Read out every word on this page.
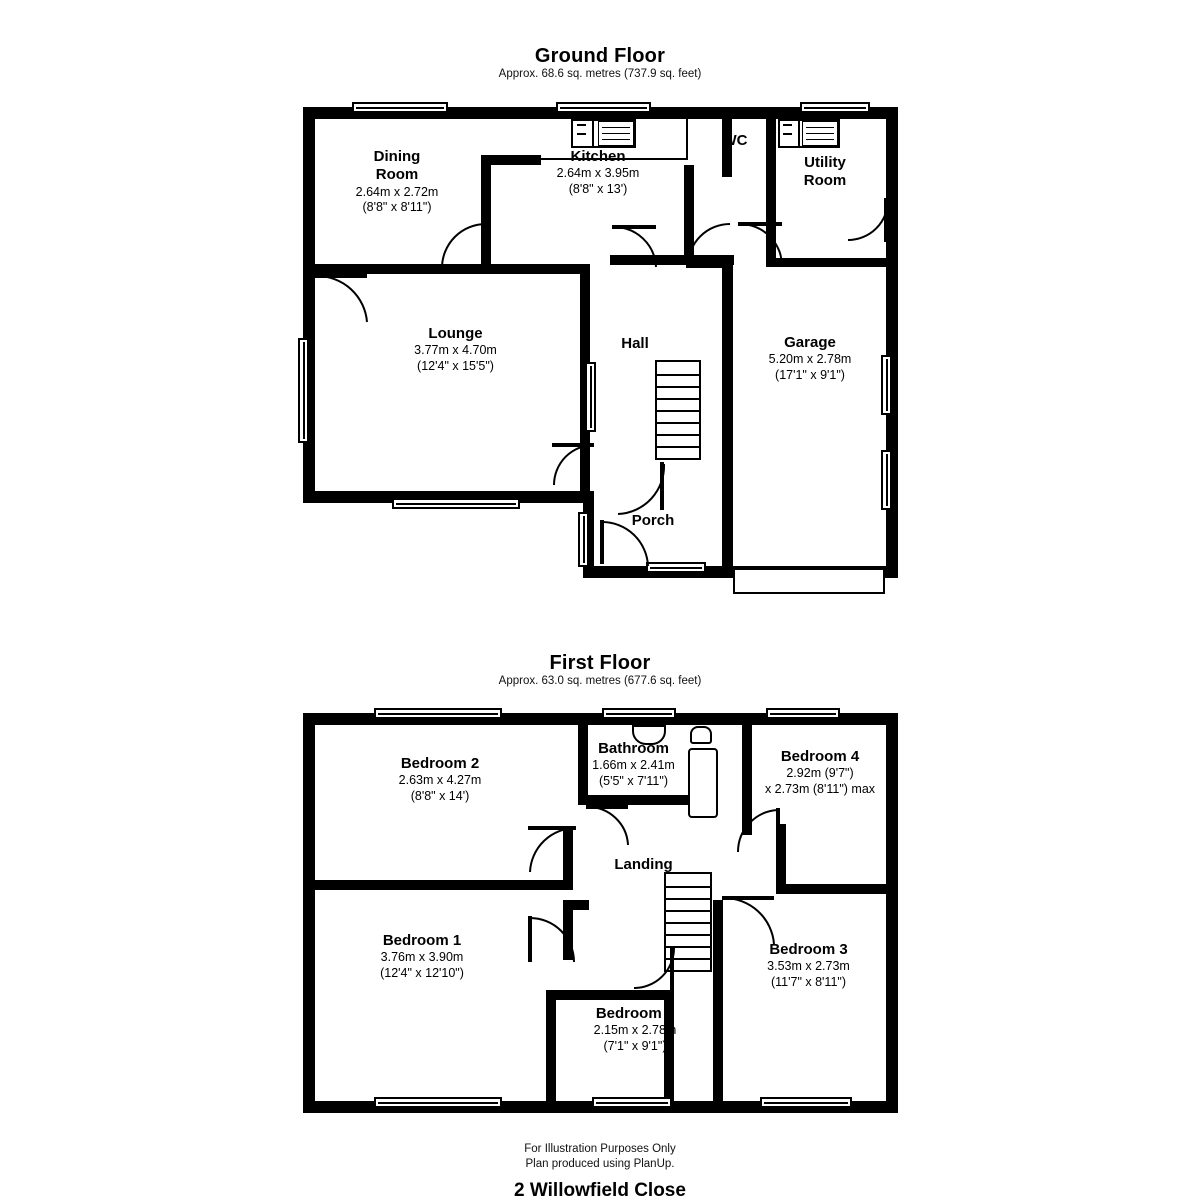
Ground Floor
Approx. 68.6 sq. metres (737.9 sq. feet)
Dining
Room
2.64m x 2.72m
(8'8" x 8'11")
Kitchen
2.64m x 3.95m
(8'8" x 13')
WC
Utility
Room
Lounge
3.77m x 4.70m
(12'4" x 15'5")
Hall	Garage
5.20m x 2.78m
(17'1" x 9'1")
Porch
First Floor
Approx. 63.0 sq. metres (677.6 sq. feet)
Bedroom 2
2.63m x 4.27m
(8'8" x 14')
Bathroom
1.66m x 2.41m
(5'5" x 7'11")
Bedroom 4
2.92m (9'7")
x 2.73m (8'11") max
Landing
Bedroom 1
3.76m x 3.90m
(12'4" x 12'10")
Bedroom 3
3.53m x 2.73m
(11'7" x 8'11")
Bedroom 5
2.15m x 2.78m
(7'1" x 9'1")
For Illustration Purposes Only
Plan produced using PlanUp.
2 Willowfield Close
